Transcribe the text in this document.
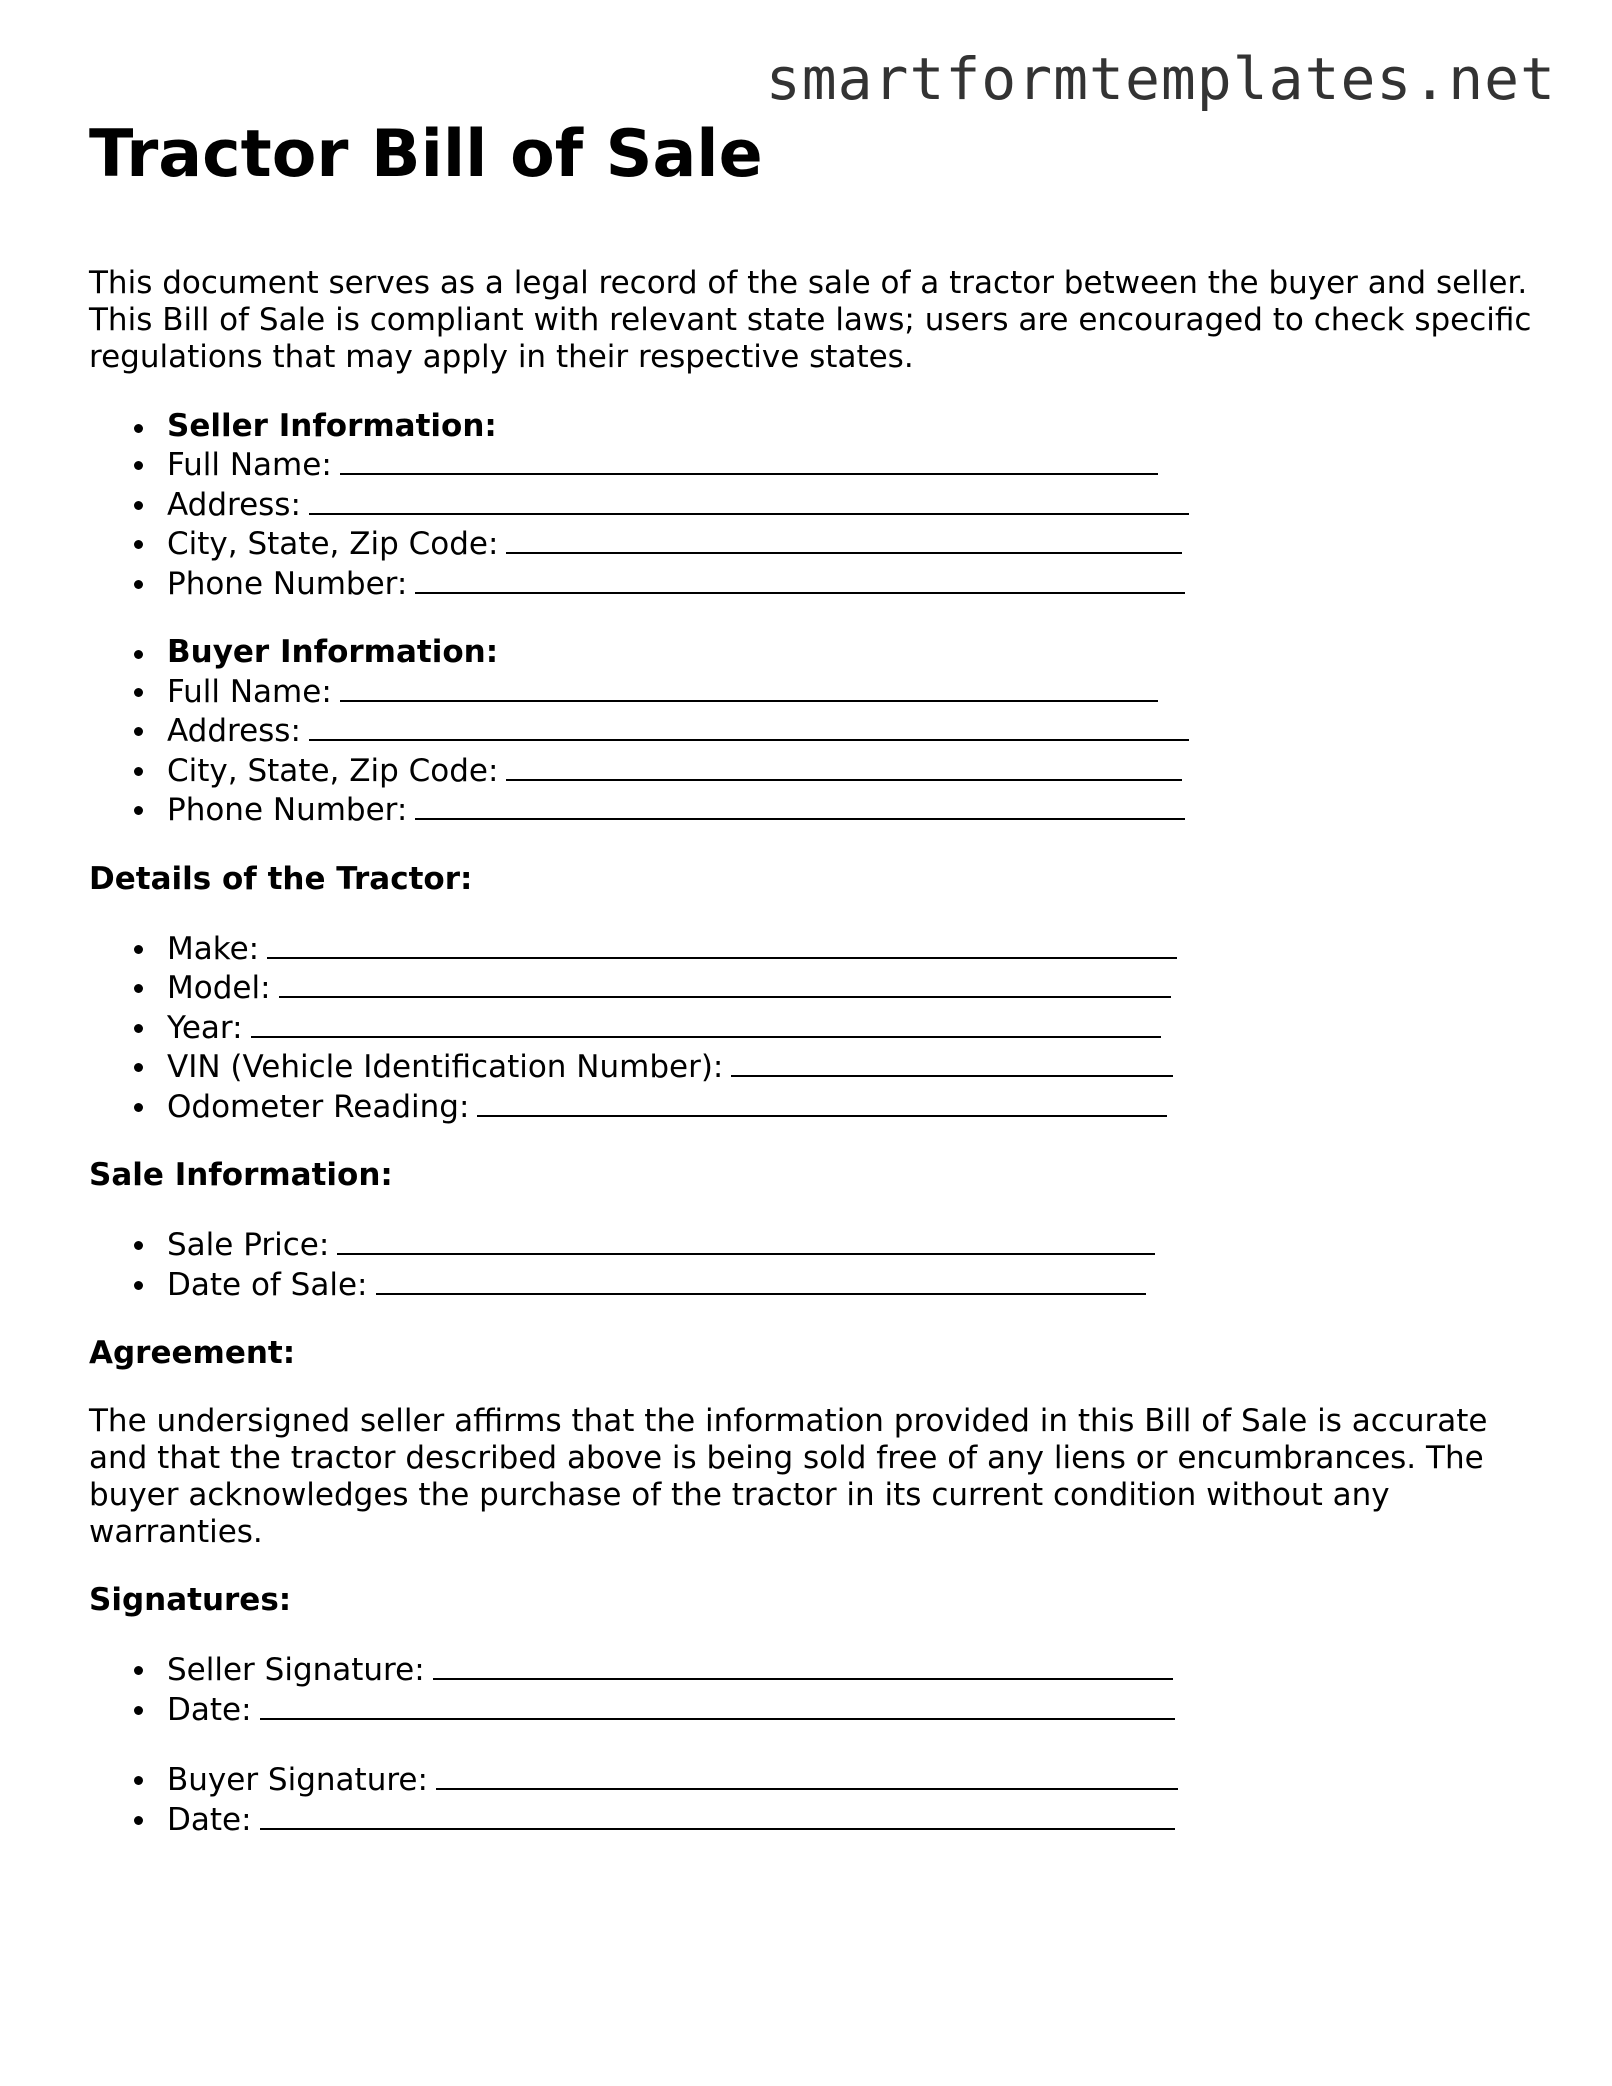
smartformtemplates.net
Tractor Bill of Sale

This document serves as a legal record of the sale of a tractor between the buyer and seller. This Bill of Sale is compliant with relevant state laws; users are encouraged to check specific regulations that may apply in their respective states.

Seller Information:
Full Name:
Address:
City, State, Zip Code:
Phone Number:
Buyer Information:
Full Name:
Address:
City, State, Zip Code:
Phone Number:
Details of the Tractor:
Make:
Model:
Year:
VIN (Vehicle Identification Number):
Odometer Reading:
Sale Information:
Sale Price:
Date of Sale:
Agreement:

The undersigned seller affirms that the information provided in this Bill of Sale is accurate and that the tractor described above is being sold free of any liens or encumbrances. The buyer acknowledges the purchase of the tractor in its current condition without any warranties.

Signatures:
Seller Signature:
Date:
Buyer Signature:
Date:
